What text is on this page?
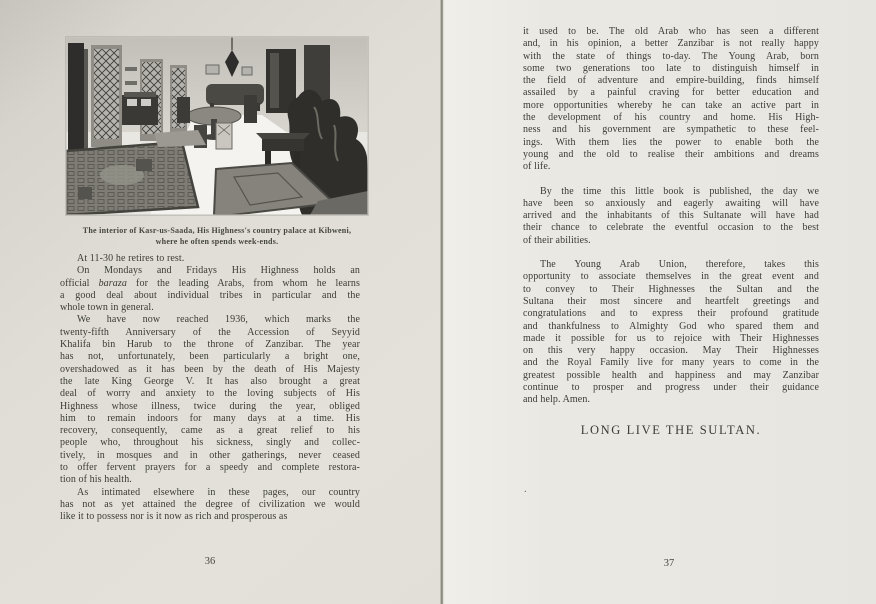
The interior of Kasr-us-Saada, His Highness's country palace at Kibweni,
where he often spends week-ends.

At 11-30 he retires to rest.

On Mondays and Fridays His Highness holds an
official baraza for the leading Arabs, from whom he learns
a good deal about individual tribes in particular and the
whole town in general.

We have now reached 1936, which marks the
twenty-fifth Anniversary of the Accession of Seyyid
Khalifa bin Harub to the throne of Zanzibar. The year
has not, unfortunately, been particularly a bright one,
overshadowed as it has been by the death of His Majesty
the late King George V. It has also brought a great
deal of worry and anxiety to the loving subjects of His
Highness whose illness, twice during the year, obliged
him to remain indoors for many days at a time. His
recovery, consequently, came as a great relief to his
people who, throughout his sickness, singly and collec-
tively, in mosques and in other gatherings, never ceased
to offer fervent prayers for a speedy and complete restora-
tion of his health.

As intimated elsewhere in these pages, our country
has not as yet attained the degree of civilization we would
like it to possess nor is it now as rich and prosperous as

36

it used to be. The old Arab who has seen a different
and, in his opinion, a better Zanzibar is not really happy
with the state of things to-day. The Young Arab, born
some two generations too late to distinguish himself in
the field of adventure and empire-building, finds himself
assailed by a painful craving for better education and
more opportunities whereby he can take an active part in
the development of his country and home. His High-
ness and his government are sympathetic to these feel-
ings. With them lies the power to enable both the
young and the old to realise their ambitions and dreams
of life.

By the time this little book is published, the day we
have been so anxiously and eagerly awaiting will have
arrived and the inhabitants of this Sultanate will have had
their chance to celebrate the eventful occasion to the best
of their abilities.

The Young Arab Union, therefore, takes this
opportunity to associate themselves in the great event and
to convey to Their Highnesses the Sultan and the
Sultana their most sincere and heartfelt greetings and
congratulations and to express their profound gratitude
and thankfulness to Almighty God who spared them and
made it possible for us to rejoice with Their Highnesses
on this very happy occasion. May Their Highnesses
and the Royal Family live for many years to come in the
greatest possible health and happiness and may Zanzibar
continue to prosper and progress under their guidance
and help. Amen.

LONG LIVE THE SULTAN.
.
37
